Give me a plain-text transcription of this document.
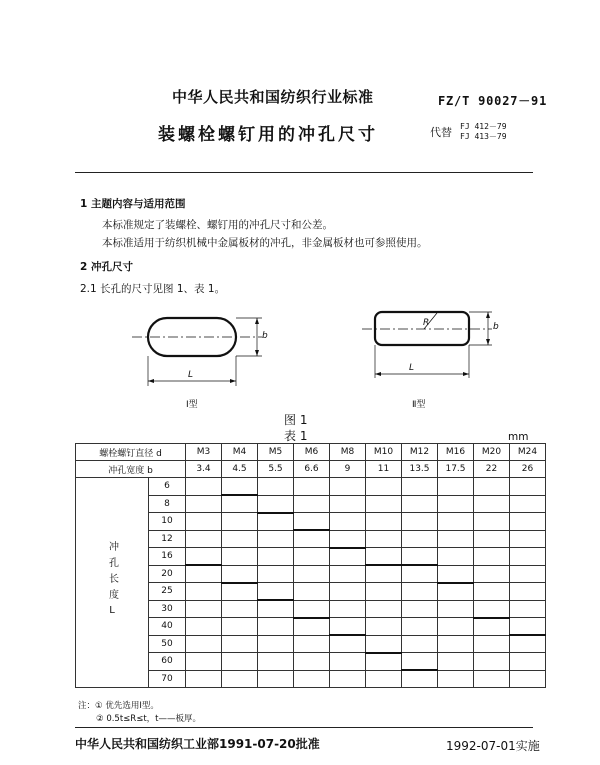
中华人民共和国纺织行业标准	FZ/T 90027－91
装螺栓螺钉用的冲孔尺寸	代替 FJ 412－79
FJ 413－79
1 主题内容与适用范围
本标准规定了装螺栓、螺钉用的冲孔尺寸和公差。
本标准适用于纺织机械中金属板材的冲孔，非金属板材也可参照使用。
2 冲孔尺寸
2.1 长孔的尺寸见图 1、表 1。
b
L
R	b
L
Ⅰ型	Ⅱ型
图 1
表 1	mm
螺栓螺钉直径 d		M3	M4	M5	M6	M8	M10	M12	M16	M20	M24
冲孔宽度 b		3.4	4.5	5.5	6.6	9	11	13.5	17.5	22	26
冲孔长度L	6										
	8										
	10										
	12										
	16										
	20										
	25										
	30										
	40										
	50										
	60										
	70										
注：① 优先选用Ⅰ型。
② 0.5t≤R≤t，t——板厚。
中华人民共和国纺织工业部1991-07-20批准	1992-07-01实施
